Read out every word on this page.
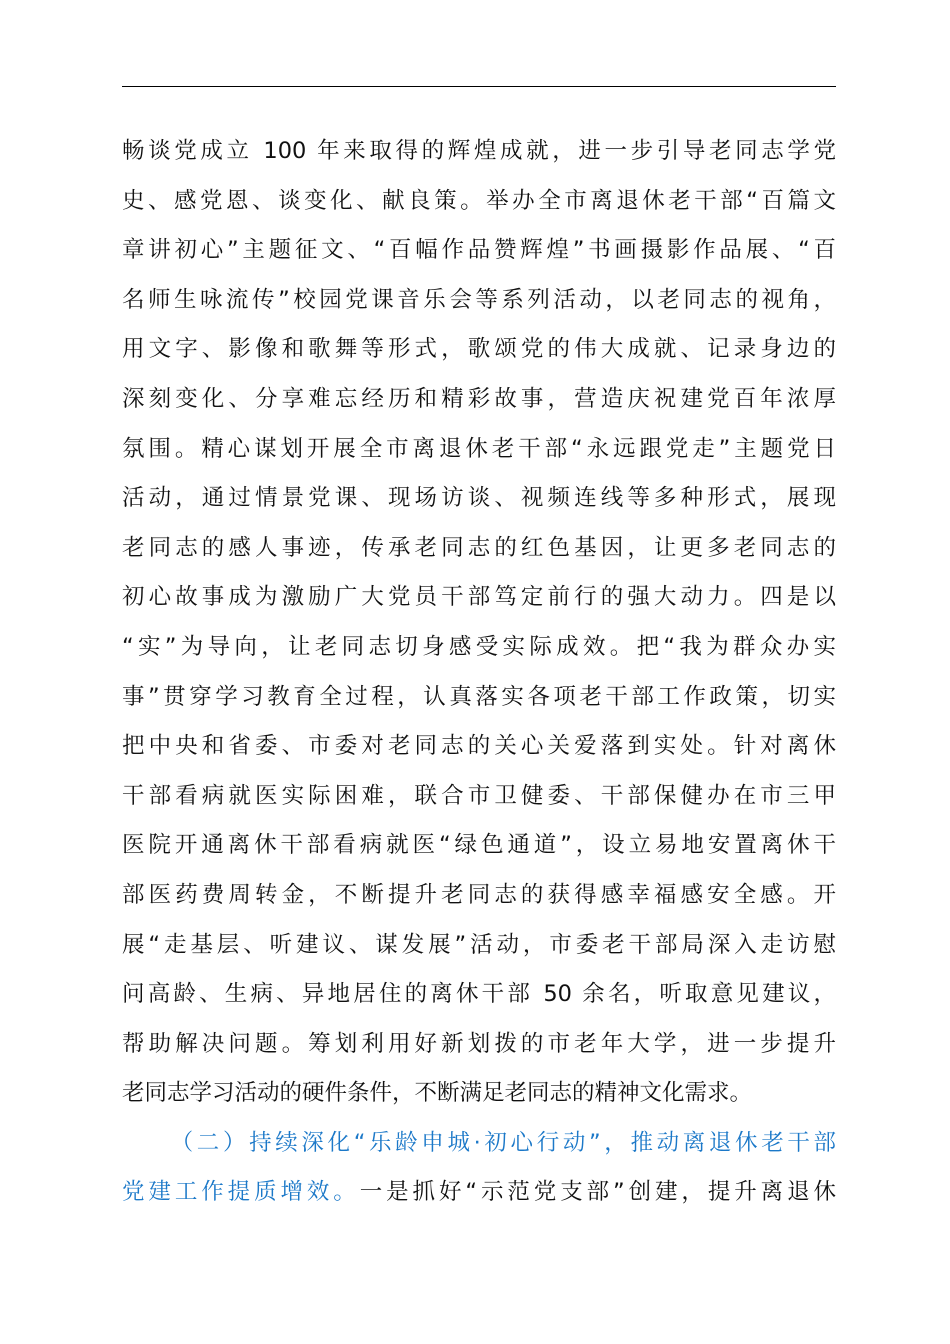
畅谈党成立 100 年来取得的辉煌成就，进一步引导老同志学党
史、感党恩、谈变化、献良策。举办全市离退休老干部“百篇文
章讲初心”主题征文、“百幅作品赞辉煌”书画摄影作品展、“百
名师生咏流传”校园党课音乐会等系列活动，以老同志的视角，
用文字、影像和歌舞等形式，歌颂党的伟大成就、记录身边的
深刻变化、分享难忘经历和精彩故事，营造庆祝建党百年浓厚
氛围。精心谋划开展全市离退休老干部“永远跟党走”主题党日
活动，通过情景党课、现场访谈、视频连线等多种形式，展现
老同志的感人事迹，传承老同志的红色基因，让更多老同志的
初心故事成为激励广大党员干部笃定前行的强大动力。四是以
“实”为导向，让老同志切身感受实际成效。把“我为群众办实
事”贯穿学习教育全过程，认真落实各项老干部工作政策，切实
把中央和省委、市委对老同志的关心关爱落到实处。针对离休
干部看病就医实际困难，联合市卫健委、干部保健办在市三甲
医院开通离休干部看病就医“绿色通道”，设立易地安置离休干
部医药费周转金，不断提升老同志的获得感幸福感安全感。开
展“走基层、听建议、谋发展”活动，市委老干部局深入走访慰
问高龄、生病、异地居住的离休干部 50 余名，听取意见建议，
帮助解决问题。筹划利用好新划拨的市老年大学，进一步提升
老同志学习活动的硬件条件，不断满足老同志的精神文化需求。
（二）持续深化“乐龄申城·初心行动”，推动离退休老干部
党建工作提质增效。一是抓好“示范党支部”创建，提升离退休
